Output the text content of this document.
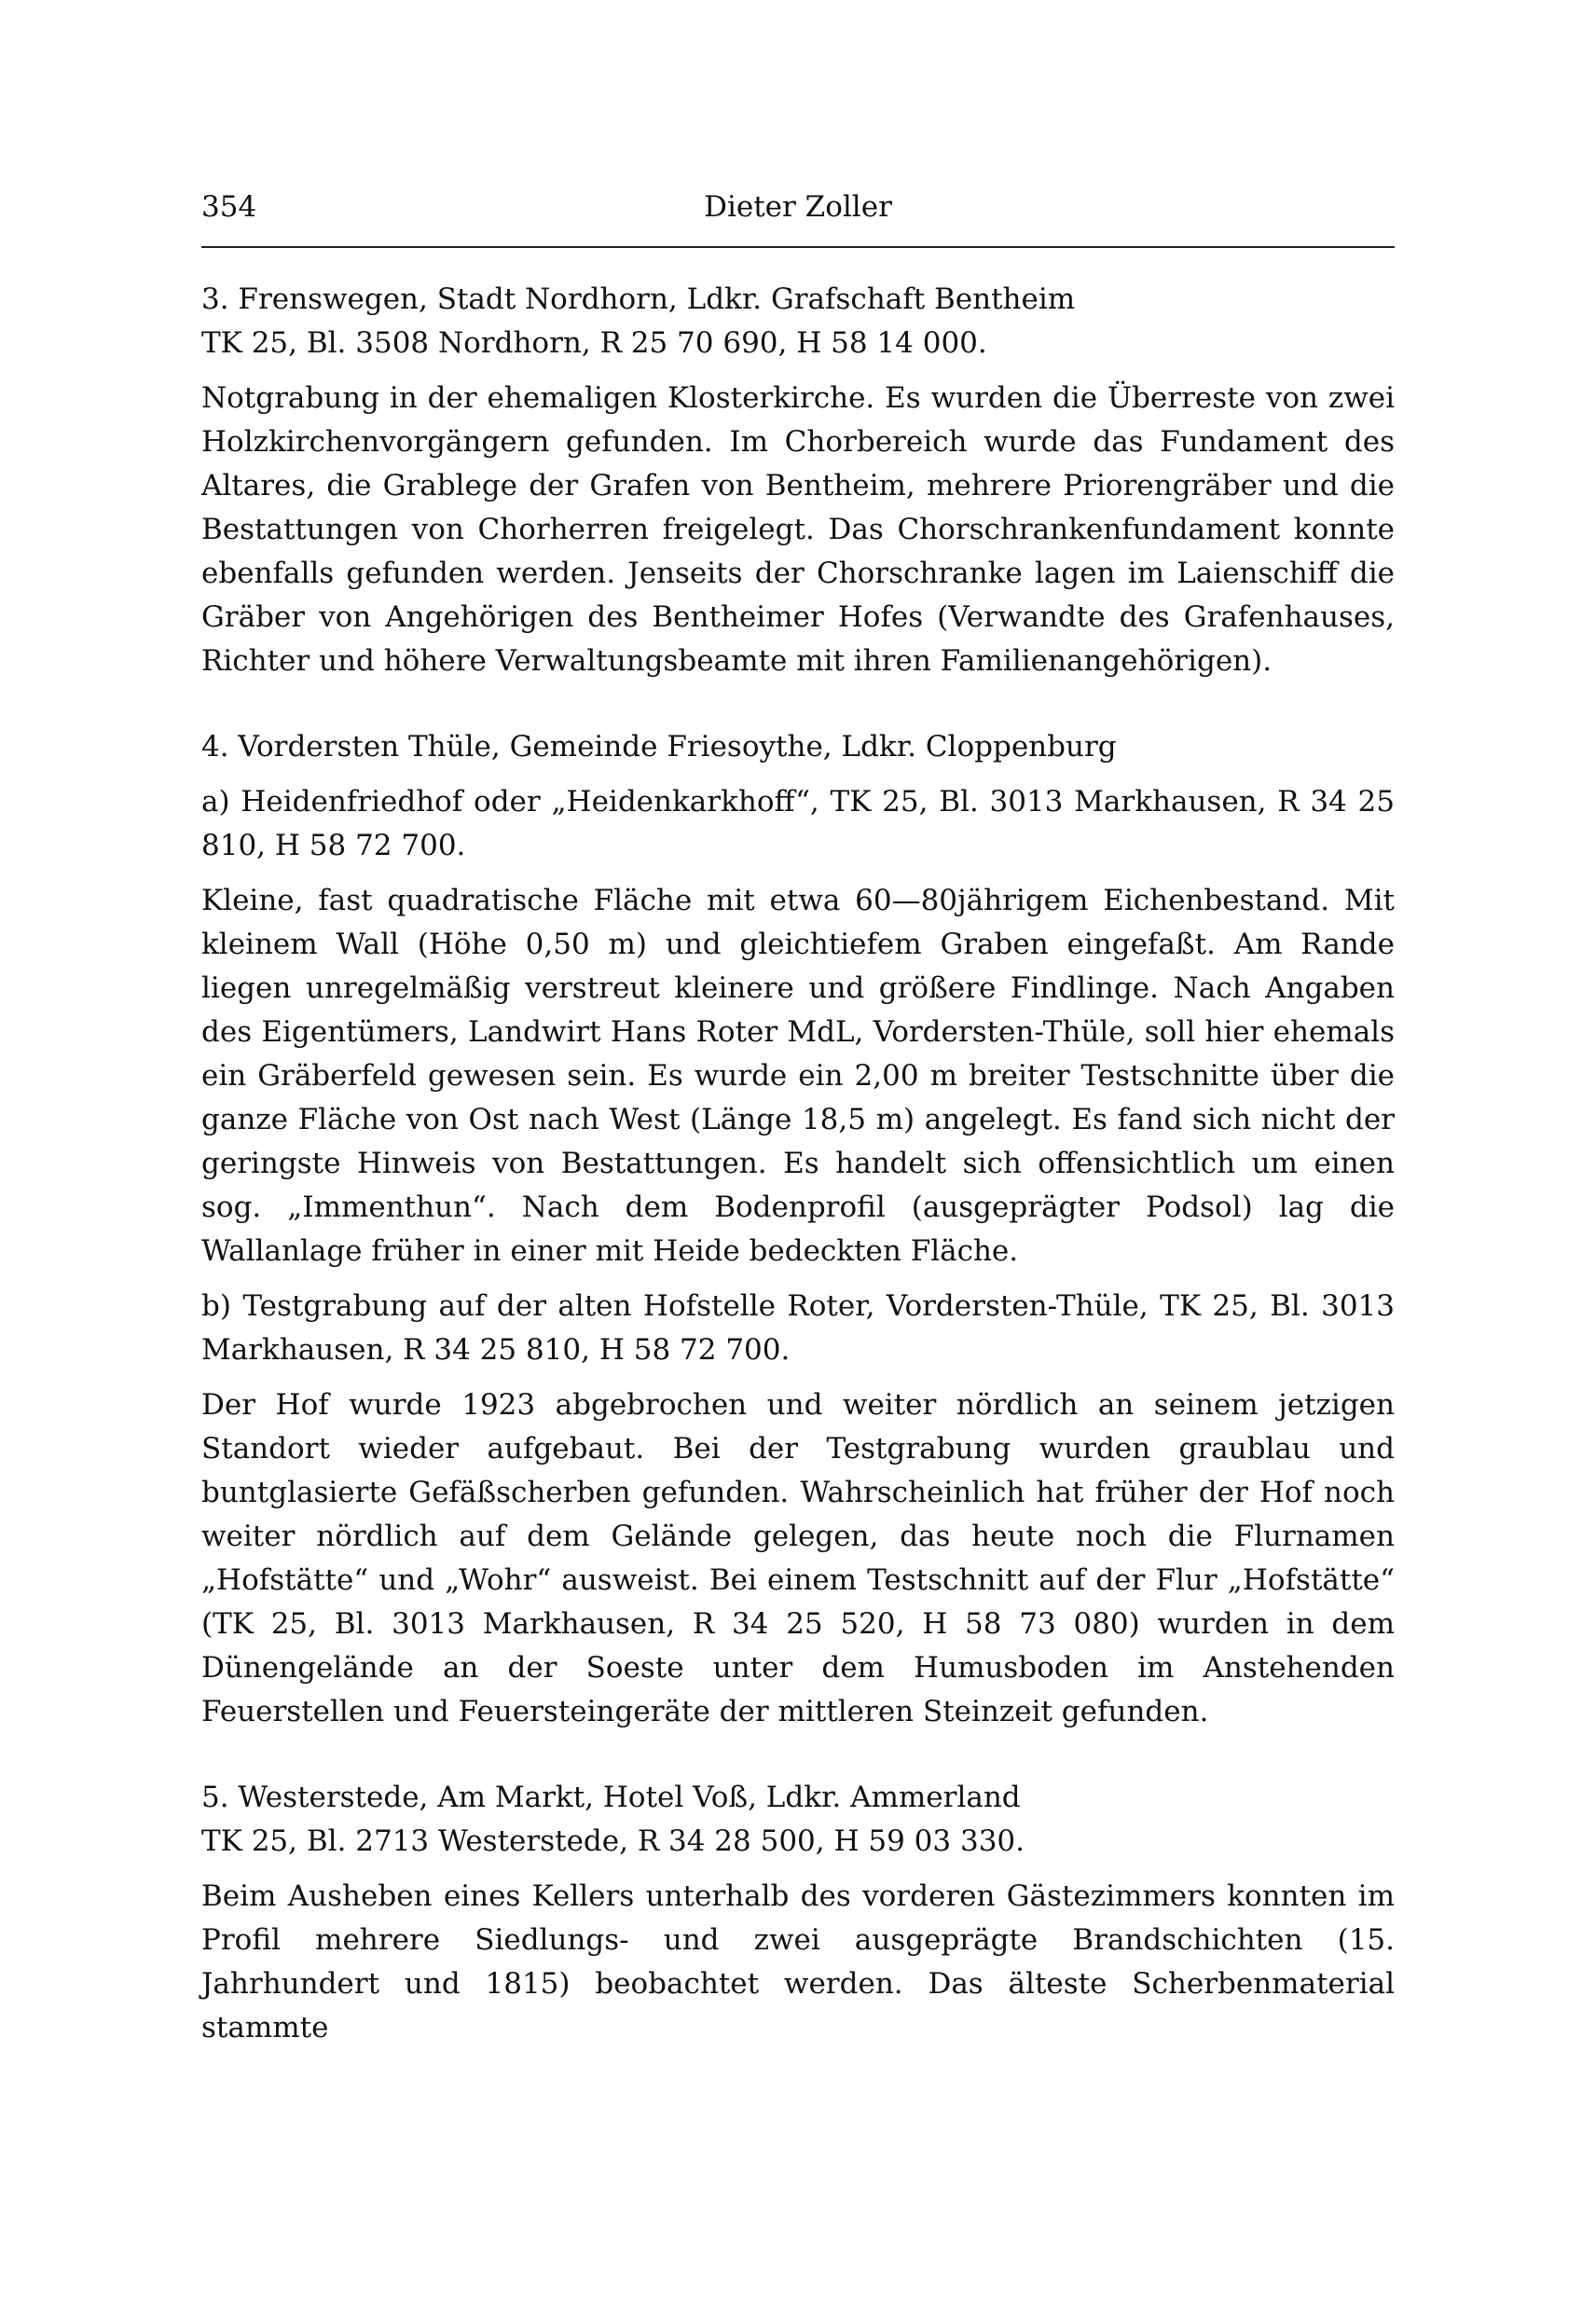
354	Dieter Zoller
3. Frenswegen, Stadt Nordhorn, Ldkr. Grafschaft Bentheim
TK 25, Bl. 3508 Nordhorn, R 25 70 690, H 58 14 000.

Notgrabung in der ehemaligen Klosterkirche. Es wurden die Überreste von zwei Holzkirchenvorgängern gefunden. Im Chorbereich wurde das Fundament des Altares, die Grablege der Grafen von Bentheim, mehrere Priorengräber und die Bestattungen von Chorherren freigelegt. Das Chorschrankenfundament konnte ebenfalls gefunden werden. Jenseits der Chorschranke lagen im Laienschiff die Gräber von Angehörigen des Bentheimer Hofes (Verwandte des Grafenhauses, Richter und höhere Verwaltungsbeamte mit ihren Familienangehörigen).

4. Vordersten Thüle, Gemeinde Friesoythe, Ldkr. Cloppenburg
a) Heidenfriedhof oder „Heidenkarkhoff“, TK 25, Bl. 3013 Markhausen, R 34 25 810, H 58 72 700.

Kleine, fast quadratische Fläche mit etwa 60—80jährigem Eichenbestand. Mit kleinem Wall (Höhe 0,50 m) und gleichtiefem Graben eingefaßt. Am Rande liegen unregelmäßig verstreut kleinere und größere Findlinge. Nach Angaben des Eigentümers, Landwirt Hans Roter MdL, Vordersten-Thüle, soll hier ehemals ein Gräberfeld gewesen sein. Es wurde ein 2,00 m breiter Testschnitte über die ganze Fläche von Ost nach West (Länge 18,5 m) angelegt. Es fand sich nicht der geringste Hinweis von Bestattungen. Es handelt sich offensichtlich um einen sog. „Immenthun“. Nach dem Bodenprofil (ausgeprägter Podsol) lag die Wallanlage früher in einer mit Heide bedeckten Fläche.

b) Testgrabung auf der alten Hofstelle Roter, Vordersten-Thüle, TK 25, Bl. 3013 Markhausen, R 34 25 810, H 58 72 700.

Der Hof wurde 1923 abgebrochen und weiter nördlich an seinem jetzigen Standort wieder aufgebaut. Bei der Testgrabung wurden graublau und buntglasierte Gefäßscherben gefunden. Wahrscheinlich hat früher der Hof noch weiter nördlich auf dem Gelände gelegen, das heute noch die Flurnamen „Hofstätte“ und „Wohr“ ausweist. Bei einem Testschnitt auf der Flur „Hofstätte“ (TK 25, Bl. 3013 Markhausen, R 34 25 520, H 58 73 080) wurden in dem Dünengelände an der Soeste unter dem Humusboden im Anstehenden Feuerstellen und Feuersteingeräte der mittleren Steinzeit gefunden.

5. Westerstede, Am Markt, Hotel Voß, Ldkr. Ammerland
TK 25, Bl. 2713 Westerstede, R 34 28 500, H 59 03 330.

Beim Ausheben eines Kellers unterhalb des vorderen Gästezimmers konnten im Profil mehrere Siedlungs- und zwei ausgeprägte Brandschichten (15. Jahrhundert und 1815) beobachtet werden. Das älteste Scherbenmaterial stammte
